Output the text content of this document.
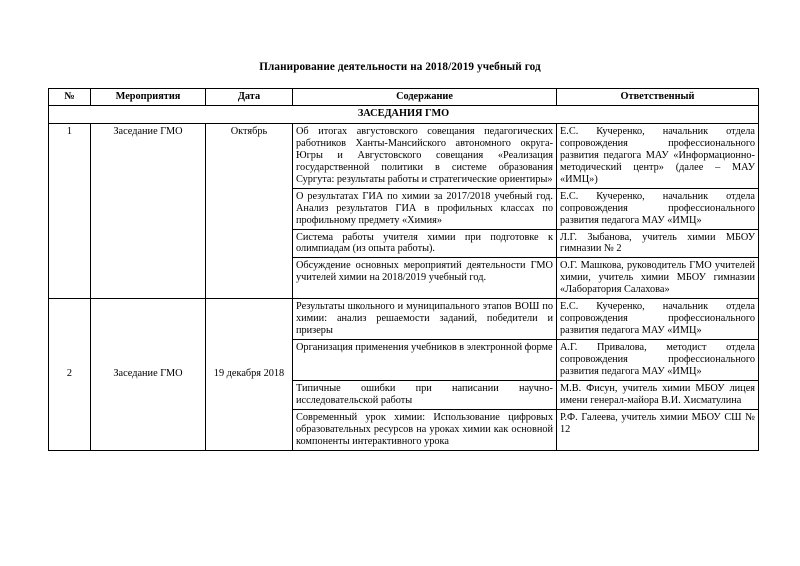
Планирование деятельности на 2018/2019 учебный год
№	Мероприятия	Дата	Содержание	Ответственный
ЗАСЕДАНИЯ ГМО				
1	Заседание ГМО	Октябрь	Об итогах августовского совещания педагогических работников Ханты-Мансийского автономного округа-Югры и Августовского совещания «Реализация государственной политики в системе образования Сургута: результаты работы и стратегические ориентиры»	Е.С. Кучеренко, начальник отдела сопровождения профессионального развития педагога МАУ «Информационно-методический центр» (далее – МАУ «ИМЦ»)
			О результатах ГИА по химии за 2017/2018 учебный год. Анализ результатов ГИА в профильных классах по профильному предмету «Химия»	Е.С. Кучеренко, начальник отдела сопровождения профессионального развития педагога МАУ «ИМЦ»
			Система работы учителя химии при подготовке к олимпиадам (из опыта работы).	Л.Г. Зыбанова, учитель химии МБОУ гимназии № 2
			Обсуждение основных мероприятий деятельности ГМО учителей химии на 2018/2019 учебный год.	О.Г. Машкова, руководитель ГМО учителей химии, учитель химии МБОУ гимназии «Лаборатория Салахова»
2	Заседание ГМО	19 декабря 2018	Результаты школьного и муниципального этапов ВОШ по химии: анализ решаемости заданий, победители и призеры	Е.С. Кучеренко, начальник отдела сопровождения профессионального развития педагога МАУ «ИМЦ»
			Организация применения учебников в электронной форме	А.Г. Привалова, методист отдела сопровождения профессионального развития педагога МАУ «ИМЦ»
			Типичные ошибки при написании научно-исследовательской работы	М.В. Фисун, учитель химии МБОУ лицея имени генерал-майора В.И. Хисматулина
			Современный урок химии: Использование цифровых образовательных ресурсов на уроках химии как основной компоненты интерактивного урока	Р.Ф. Галеева, учитель химии МБОУ СШ № 12
